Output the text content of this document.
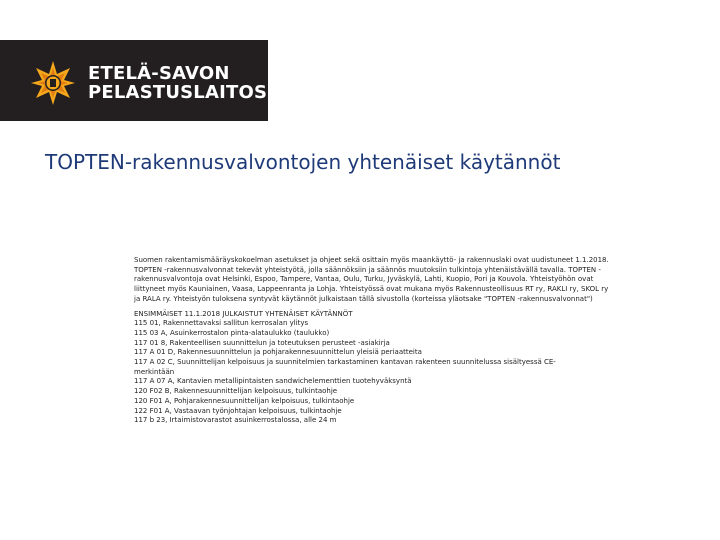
ETELÄ-SAVON
PELASTUSLAITOS
TOPTEN-rakennusvalvontojen yhtenäiset käytännöt

Suomen rakentamismääräyskokoelman asetukset ja ohjeet sekä osittain myös maankäyttö- ja rakennuslaki ovat uudistuneet 1.1.2018. TOPTEN -rakennusvalvonnat tekevät yhteistyötä, jolla säännöksiin ja säännös muutoksiin tulkintoja yhtenäistävällä tavalla. TOPTEN -rakennusvalvontoja ovat Helsinki, Espoo, Tampere, Vantaa, Oulu, Turku, Jyväskylä, Lahti, Kuopio, Pori ja Kouvola. Yhteistyöhön ovat liittyneet myös Kauniainen, Vaasa, Lappeenranta ja Lohja. Yhteistyössä ovat mukana myös Rakennusteollisuus RT ry, RAKLI ry, SKOL ry ja RALA ry. Yhteistyön tuloksena syntyvät käytännöt julkaistaan tällä sivustolla (korteissa yläotsake "TOPTEN -rakennusvalvonnat")

ENSIMMÄISET 11.1.2018 JULKAISTUT YHTENÄISET KÄYTÄNNÖT
115 01, Rakennettavaksi sallitun kerrosalan ylitys
115 03 A, Asuinkerrostalon pinta-alataulukko (taulukko)
117 01 8, Rakenteellisen suunnittelun ja toteutuksen perusteet -asiakirja
117 A 01 D, Rakennesuunnittelun ja pohjarakennesuunnittelun yleisiä periaatteita
117 A 02 C, Suunnittelijan kelpoisuus ja suunnitelmien tarkastaminen kantavan rakenteen suunnitelussa sisältyessä CE-merkintään
117 A 07 A, Kantavien metallipintaisten sandwichelementtien tuotehyväksyntä
120 F02 B, Rakennesuunnittelijan kelpoisuus, tulkintaohje
120 F01 A, Pohjarakennesuunnittelijan kelpoisuus, tulkintaohje
122 F01 A, Vastaavan työnjohtajan kelpoisuus, tulkintaohje
117 b 23, Irtaimistovarastot asuinkerrostalossa, alle 24 m
